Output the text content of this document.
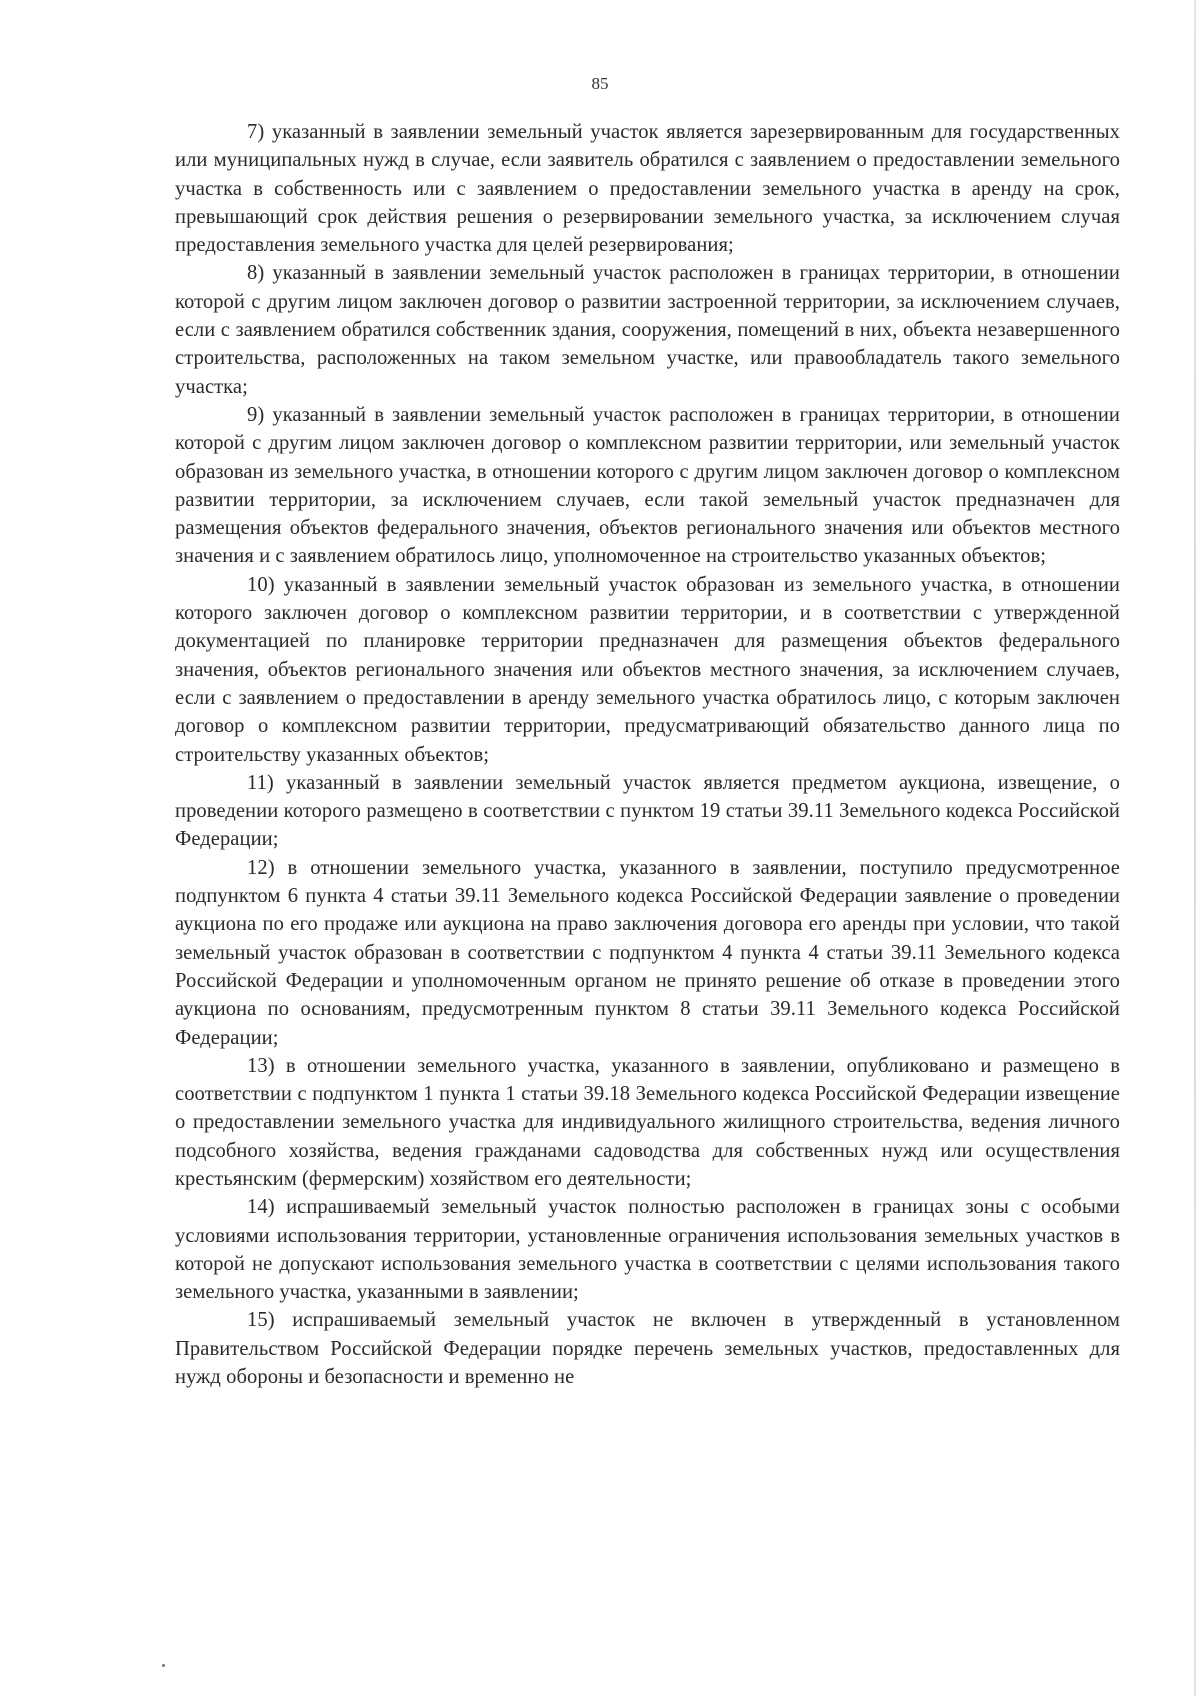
85

7) указанный в заявлении земельный участок является зарезервированным для государственных или муниципальных нужд в случае, если заявитель обратился с заявлением о предоставлении земельного участка в собственность или с заявлением о предоставлении земельного участка в аренду на срок, превышающий срок действия решения о резервировании земельного участка, за исключением случая предоставления земельного участка для целей резервирования;

8) указанный в заявлении земельный участок расположен в границах территории, в отношении которой с другим лицом заключен договор о развитии застроенной территории, за исключением случаев, если с заявлением обратился собственник здания, сооружения, помещений в них, объекта незавершенного строительства, расположенных на таком земельном участке, или правообладатель такого земельного участка;

9) указанный в заявлении земельный участок расположен в границах территории, в отношении которой с другим лицом заключен договор о комплексном развитии территории, или земельный участок образован из земельного участка, в отношении которого с другим лицом заключен договор о комплексном развитии территории, за исключением случаев, если такой земельный участок предназначен для размещения объектов федерального значения, объектов регионального значения или объектов местного значения и с заявлением обратилось лицо, уполномоченное на строительство указанных объектов;

10) указанный в заявлении земельный участок образован из земельного участка, в отношении которого заключен договор о комплексном развитии территории, и в соответствии с утвержденной документацией по планировке территории предназначен для размещения объектов федерального значения, объектов регионального значения или объектов местного значения, за исключением случаев, если с заявлением о предоставлении в аренду земельного участка обратилось лицо, с которым заключен договор о комплексном развитии территории, предусматривающий обязательство данного лица по строительству указанных объектов;

11) указанный в заявлении земельный участок является предметом аукциона, извещение, о проведении которого размещено в соответствии с пунктом 19 статьи 39.11 Земельного кодекса Российской Федерации;

12) в отношении земельного участка, указанного в заявлении, поступило предусмотренное подпунктом 6 пункта 4 статьи 39.11 Земельного кодекса Российской Федерации заявление о проведении аукциона по его продаже или аукциона на право заключения договора его аренды при условии, что такой земельный участок образован в соответствии с подпунктом 4 пункта 4 статьи 39.11 Земельного кодекса Российской Федерации и уполномоченным органом не принято решение об отказе в проведении этого аукциона по основаниям, предусмотренным пунктом 8 статьи 39.11 Земельного кодекса Российской Федерации;

13) в отношении земельного участка, указанного в заявлении, опубликовано и размещено в соответствии с подпунктом 1 пункта 1 статьи 39.18 Земельного кодекса Российской Федерации извещение о предоставлении земельного участка для индивидуального жилищного строительства, ведения личного подсобного хозяйства, ведения гражданами садоводства для собственных нужд или осуществления крестьянским (фермерским) хозяйством его деятельности;

14) испрашиваемый земельный участок полностью расположен в границах зоны с особыми условиями использования территории, установленные ограничения использования земельных участков в которой не допускают использования земельного участка в соответствии с целями использования такого земельного участка, указанными в заявлении;

15) испрашиваемый земельный участок не включен в утвержденный в установленном Правительством Российской Федерации порядке перечень земельных участков, предоставленных для нужд обороны и безопасности и временно не
